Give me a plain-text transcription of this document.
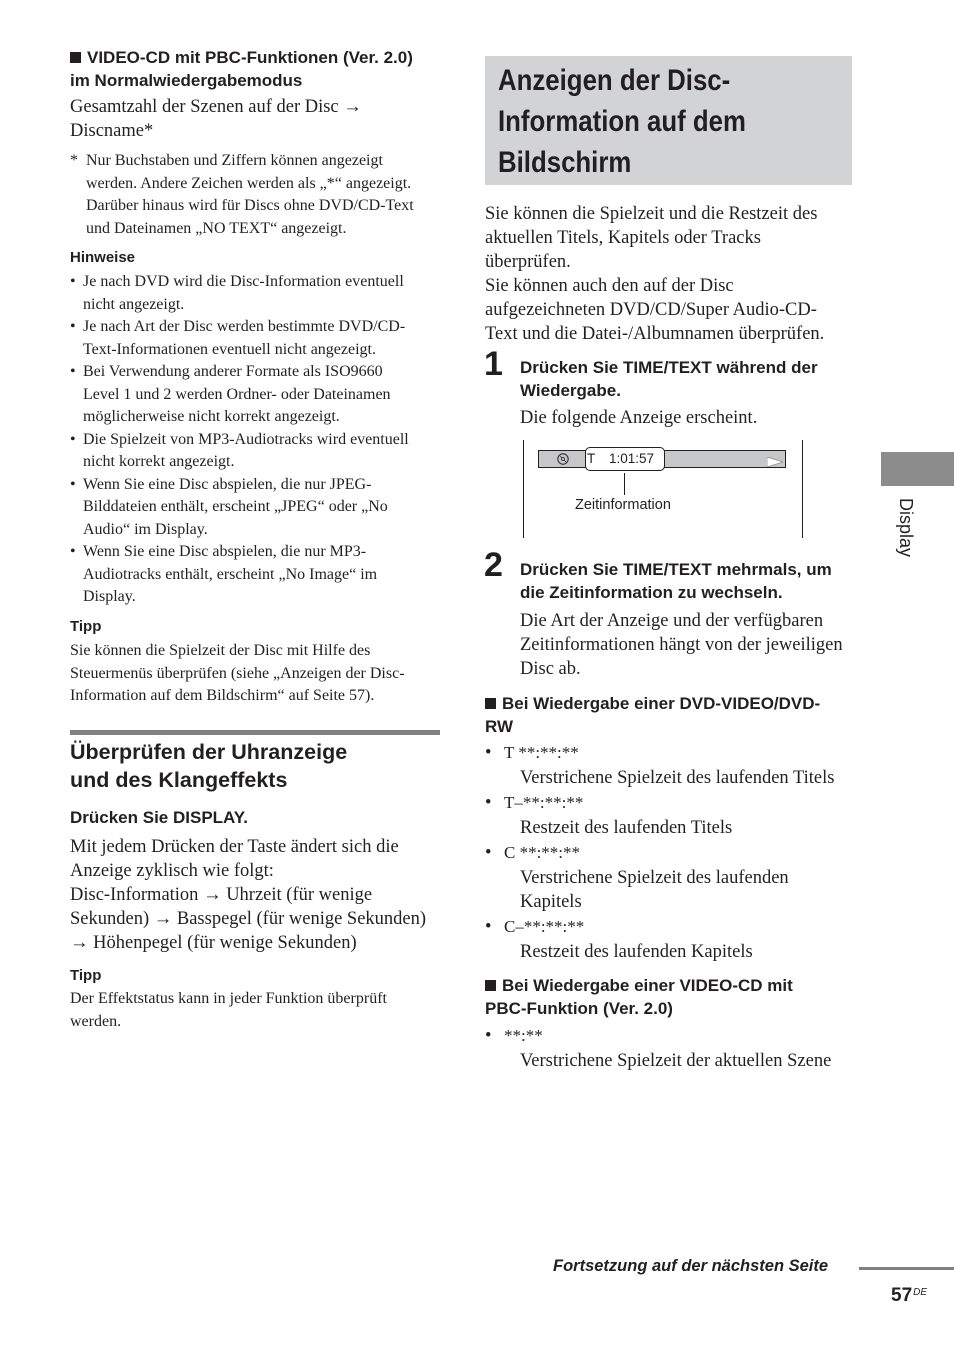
VIDEO-CD mit PBC-Funktionen (Ver. 2.0)
im Normalwiedergabemodus
Gesamtzahl der Szenen auf der Disc →
Discname*
* Nur Buchstaben und Ziffern können angezeigt
werden. Andere Zeichen werden als „*“ angezeigt.
Darüber hinaus wird für Discs ohne DVD/CD-Text
und Dateinamen „NO TEXT“ angezeigt.
Hinweise
• Je nach DVD wird die Disc-Information eventuell
nicht angezeigt.
• Je nach Art der Disc werden bestimmte DVD/CD-
Text-Informationen eventuell nicht angezeigt.
• Bei Verwendung anderer Formate als ISO9660
Level 1 und 2 werden Ordner- oder Dateinamen
möglicherweise nicht korrekt angezeigt.
• Die Spielzeit von MP3-Audiotracks wird eventuell
nicht korrekt angezeigt.
• Wenn Sie eine Disc abspielen, die nur JPEG-
Bilddateien enthält, erscheint „JPEG“ oder „No
Audio“ im Display.
• Wenn Sie eine Disc abspielen, die nur MP3-
Audiotracks enthält, erscheint „No Image“ im
Display.
Tipp
Sie können die Spielzeit der Disc mit Hilfe des
Steuermenüs überprüfen (siehe „Anzeigen der Disc-
Information auf dem Bildschirm“ auf Seite 57).
Überprüfen der Uhranzeige
und des Klangeffekts
Drücken Sie DISPLAY.
Mit jedem Drücken der Taste ändert sich die
Anzeige zyklisch wie folgt:
Disc-Information → Uhrzeit (für wenige
Sekunden) → Basspegel (für wenige Sekunden)
→ Höhenpegel (für wenige Sekunden)
Tipp
Der Effektstatus kann in jeder Funktion überprüft
werden.
Anzeigen der Disc-
Information auf dem
Bildschirm
Sie können die Spielzeit und die Restzeit des
aktuellen Titels, Kapitels oder Tracks
überprüfen.
Sie können auch den auf der Disc
aufgezeichneten DVD/CD/Super Audio-CD-
Text und die Datei-/Albumnamen überprüfen.
1 Drücken Sie TIME/TEXT während der
Wiedergabe.
Die folgende Anzeige erscheint.
T 1:01:57
Zeitinformation
2 Drücken Sie TIME/TEXT mehrmals, um
die Zeitinformation zu wechseln.
Die Art der Anzeige und der verfügbaren
Zeitinformationen hängt von der jeweiligen
Disc ab.
Bei Wiedergabe einer DVD-VIDEO/DVD-
RW
• T **:**:**
Verstrichene Spielzeit des laufenden Titels
• T–**:**:**
Restzeit des laufenden Titels
• C **:**:**
Verstrichene Spielzeit des laufenden
Kapitels
• C–**:**:**
Restzeit des laufenden Kapitels
Bei Wiedergabe einer VIDEO-CD mit
PBC-Funktion (Ver. 2.0)
• **:**
Verstrichene Spielzeit der aktuellen Szene
Display
Fortsetzung auf der nächsten Seite
57DE
